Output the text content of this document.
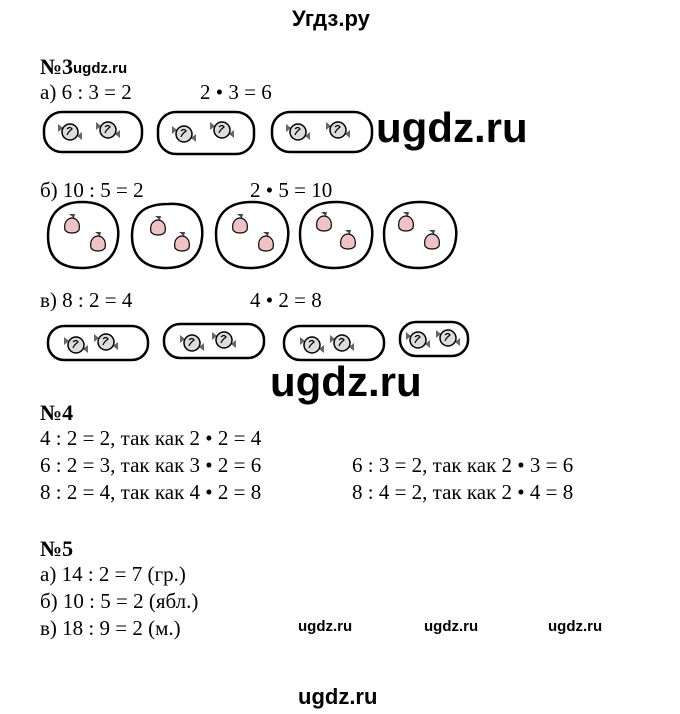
Угдз.ру
№3 ugdz.ru
а) 6 : 3 = 2	2 • 3 = 6
ugdz.ru
б) 10 : 5 = 2	2 • 5 = 10
в) 8 : 2 = 4	4 • 2 = 8
ugdz.ru
№4
4 : 2 = 2, так как 2 • 2 = 4
6 : 2 = 3, так как 3 • 2 = 6	6 : 3 = 2, так как 2 • 3 = 6
8 : 2 = 4, так как 4 • 2 = 8	8 : 4 = 2, так как 2 • 4 = 8
№5
а) 14 : 2 = 7 (гр.)
б) 10 : 5 = 2 (ябл.)
в) 18 : 9 = 2 (м.)	ugdz.ru	ugdz.ru	ugdz.ru
ugdz.ru
